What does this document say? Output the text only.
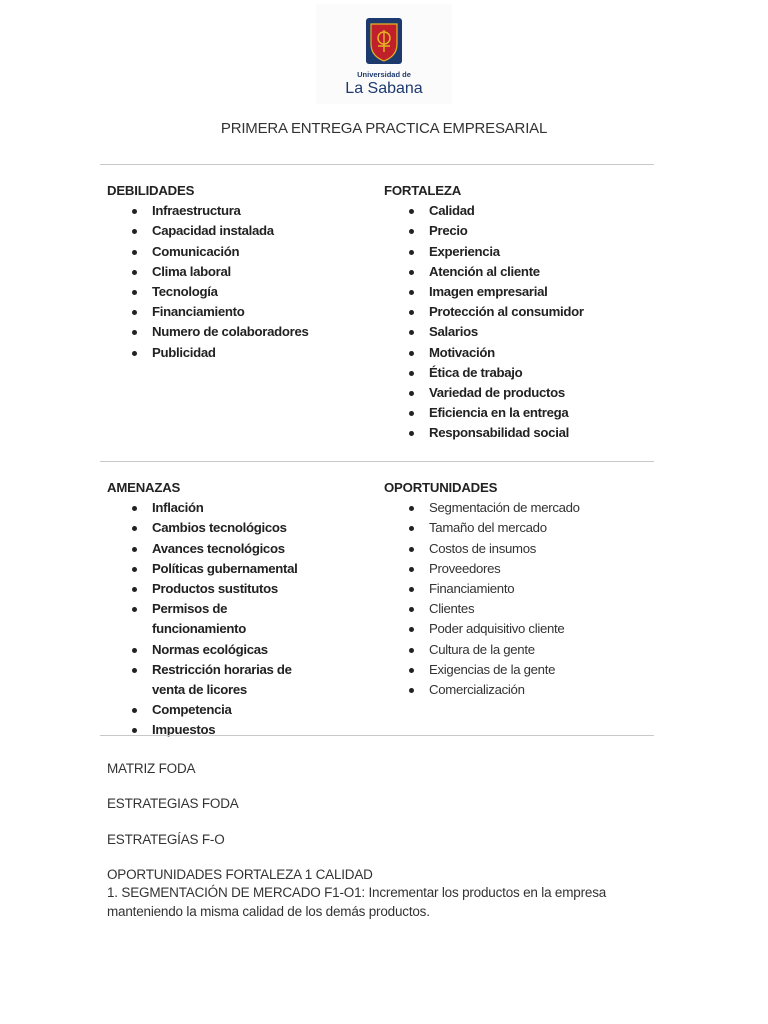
Universidad de
La Sabana
PRIMERA ENTREGA PRACTICA EMPRESARIAL
DEBILIDADES
Infraestructura
Capacidad instalada
Comunicación
Clima laboral
Tecnología
Financiamiento
Numero de colaboradores
Publicidad
FORTALEZA
Calidad
Precio
Experiencia
Atención al cliente
Imagen empresarial
Protección al consumidor
Salarios
Motivación
Ética de trabajo
Variedad de productos
Eficiencia en la entrega
Responsabilidad social
AMENAZAS
Inflación
Cambios tecnológicos
Avances tecnológicos
Políticas gubernamental
Productos sustitutos
Permisos de funcionamiento
Normas ecológicas
Restricción horarias de venta de licores
Competencia
Impuestos
OPORTUNIDADES
Segmentación de mercado
Tamaño del mercado
Costos de insumos
Proveedores
Financiamiento
Clientes
Poder adquisitivo cliente
Cultura de la gente
Exigencias de la gente
Comercialización
MATRIZ FODA
ESTRATEGIAS FODA
ESTRATEGÍAS F-O
OPORTUNIDADES FORTALEZA 1 CALIDAD
1. SEGMENTACIÓN DE MERCADO F1-O1: Incrementar los productos en la empresa manteniendo la misma calidad de los demás productos.
